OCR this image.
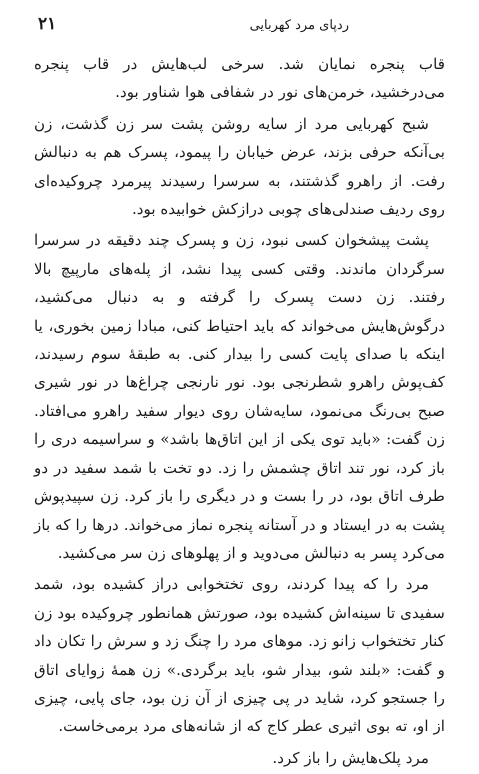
ردپای مرد کهربایی
۲۱

قاب پنجره نمایان شد. سرخی لب‌هایش در قاب پنجره می‌درخشید، خرمن‌های نور در شفافی هوا شناور بود.

شبح کهربایی مرد از سایه روشن پشت سر زن گذشت، زن بی‌آنکه حرفی بزند، عرض خیابان را پیمود، پسرک هم به دنبالش رفت. از راهرو گذشتند، به سرسرا رسیدند پیرمرد چروکیده‌ای روی ردیف صندلی‌های چوبی درازکش خوابیده بود.

پشت پیشخوان کسی نبود، زن و پسرک چند دقیقه در سرسرا سرگردان ماندند. وقتی کسی پیدا نشد، از پله‌های مارپیچ بالا رفتند. زن دست پسرک را گرفته و به دنبال می‌کشید، درگوش‌هایش می‌خواند که باید احتیاط کنی، مبادا زمین بخوری، یا اینکه با صدای پایت کسی را بیدار کنی. به طبقهٔ سوم رسیدند، کف‌پوش راهرو شطرنجی بود. نور نارنجی چراغ‌ها در نور شیری صبح بی‌رنگ می‌نمود، سایه‌شان روی دیوار سفید راهرو می‌افتاد. زن گفت: «باید توی یکی از این اتاق‌ها باشد» و سراسیمه دری را باز کرد، نور تند اتاق چشمش را زد. دو تخت با شمد سفید در دو طرف اتاق بود، در را بست و در دیگری را باز کرد. زن سپیدپوش پشت به در ایستاد و در آستانه پنجره نماز می‌خواند. درها را که باز می‌کرد پسر به دنبالش می‌دوید و از پهلوهای زن سر می‌کشید.

مرد را که پیدا کردند، روی تختخوابی دراز کشیده بود، شمد سفیدی تا سینه‌اش کشیده بود، صورتش همانطور چروکیده بود زن کنار تختخواب زانو زد. موهای مرد را چنگ زد و سرش را تکان داد و گفت: «بلند شو، بیدار شو، باید برگردی.» زن همهٔ زوایای اتاق را جستجو کرد، شاید در پی چیزی از آن زن بود، جای پایی، چیزی از او، ته بوی اثیری عطر کاج که از شانه‌های مرد برمی‌خاست.

مرد پلک‌هایش را باز کرد.
